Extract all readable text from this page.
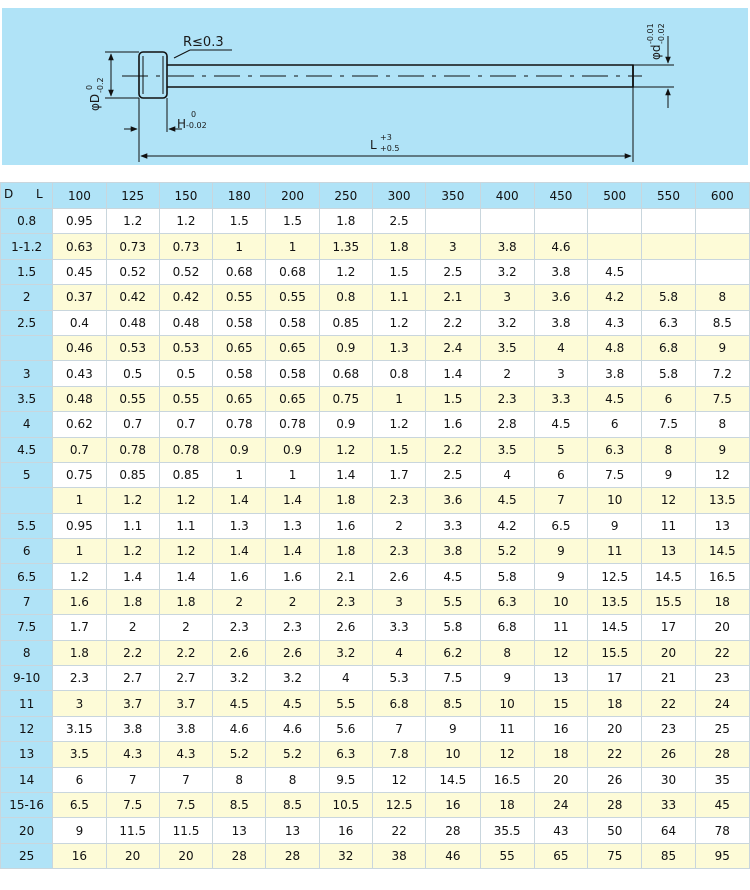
R≤0.3
φD
0 -0.2
φd
-0.01 -0.02
H
0
-0.02
L
+3
+0.5
D L	100	125	150	180	200	250	300	350	400	450	500	550	600
0.8	0.95	1.2	1.2	1.5	1.5	1.8	2.5						
1-1.2	0.63	0.73	0.73	1	1	1.35	1.8	3	3.8	4.6			
1.5	0.45	0.52	0.52	0.68	0.68	1.2	1.5	2.5	3.2	3.8	4.5		
2	0.37	0.42	0.42	0.55	0.55	0.8	1.1	2.1	3	3.6	4.2	5.8	8
2.5	0.4	0.48	0.48	0.58	0.58	0.85	1.2	2.2	3.2	3.8	4.3	6.3	8.5
	0.46	0.53	0.53	0.65	0.65	0.9	1.3	2.4	3.5	4	4.8	6.8	9
3	0.43	0.5	0.5	0.58	0.58	0.68	0.8	1.4	2	3	3.8	5.8	7.2
3.5	0.48	0.55	0.55	0.65	0.65	0.75	1	1.5	2.3	3.3	4.5	6	7.5
4	0.62	0.7	0.7	0.78	0.78	0.9	1.2	1.6	2.8	4.5	6	7.5	8
4.5	0.7	0.78	0.78	0.9	0.9	1.2	1.5	2.2	3.5	5	6.3	8	9
5	0.75	0.85	0.85	1	1	1.4	1.7	2.5	4	6	7.5	9	12
	1	1.2	1.2	1.4	1.4	1.8	2.3	3.6	4.5	7	10	12	13.5
5.5	0.95	1.1	1.1	1.3	1.3	1.6	2	3.3	4.2	6.5	9	11	13
6	1	1.2	1.2	1.4	1.4	1.8	2.3	3.8	5.2	9	11	13	14.5
6.5	1.2	1.4	1.4	1.6	1.6	2.1	2.6	4.5	5.8	9	12.5	14.5	16.5
7	1.6	1.8	1.8	2	2	2.3	3	5.5	6.3	10	13.5	15.5	18
7.5	1.7	2	2	2.3	2.3	2.6	3.3	5.8	6.8	11	14.5	17	20
8	1.8	2.2	2.2	2.6	2.6	3.2	4	6.2	8	12	15.5	20	22
9-10	2.3	2.7	2.7	3.2	3.2	4	5.3	7.5	9	13	17	21	23
11	3	3.7	3.7	4.5	4.5	5.5	6.8	8.5	10	15	18	22	24
12	3.15	3.8	3.8	4.6	4.6	5.6	7	9	11	16	20	23	25
13	3.5	4.3	4.3	5.2	5.2	6.3	7.8	10	12	18	22	26	28
14	6	7	7	8	8	9.5	12	14.5	16.5	20	26	30	35
15-16	6.5	7.5	7.5	8.5	8.5	10.5	12.5	16	18	24	28	33	45
20	9	11.5	11.5	13	13	16	22	28	35.5	43	50	64	78
25	16	20	20	28	28	32	38	46	55	65	75	85	95
